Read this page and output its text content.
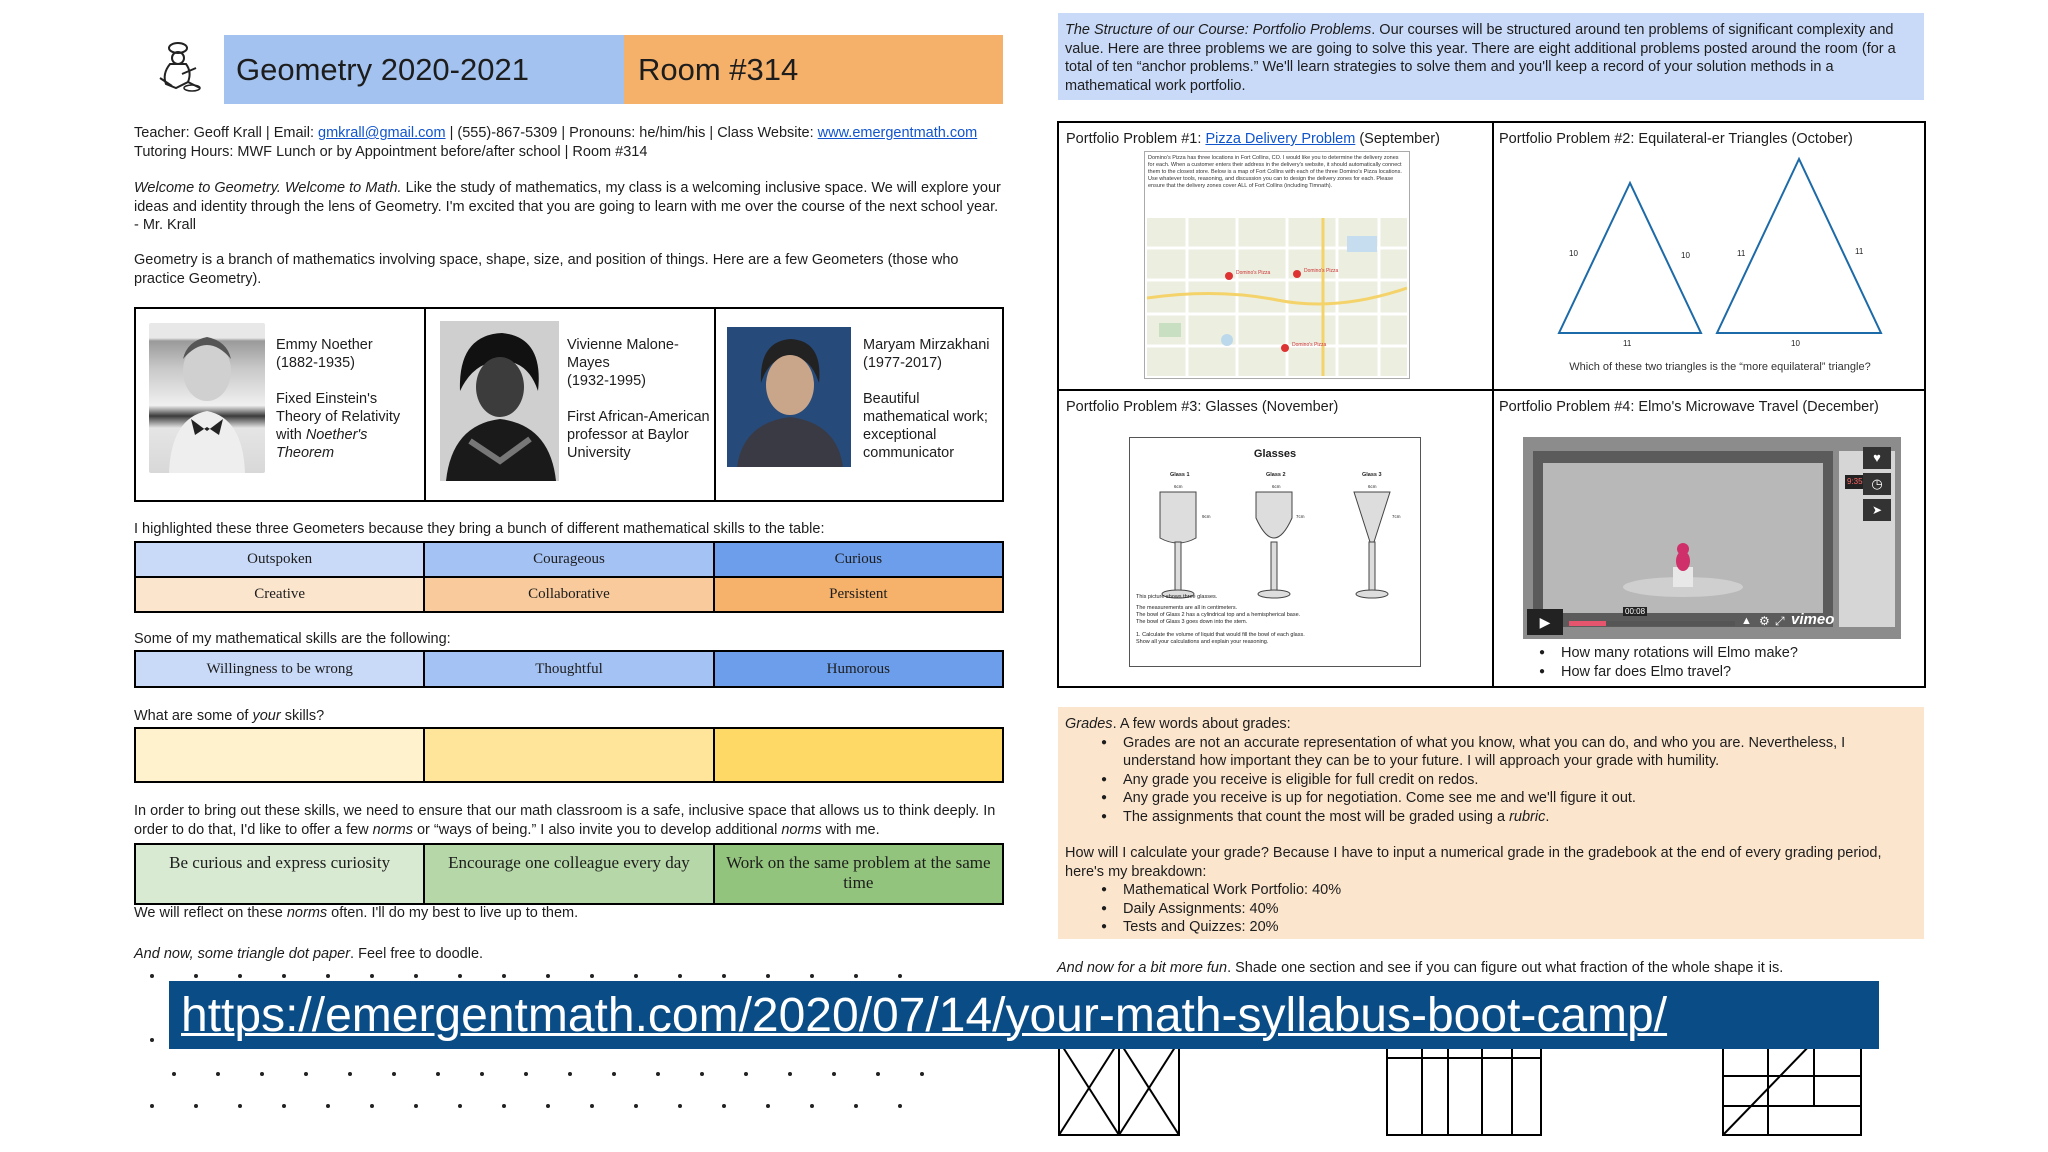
Geometry 2020-2021	Room #314
Teacher: Geoff Krall | Email: gmkrall@gmail.com | (555)-867-5309 | Pronouns: he/him/his | Class Website: www.emergentmath.com
Tutoring Hours: MWF Lunch or by Appointment before/after school | Room #314
Welcome to Geometry. Welcome to Math. Like the study of mathematics, my class is a welcoming inclusive space. We will explore your ideas and identity through the lens of Geometry. I'm excited that you are going to learn with me over the course of the next school year. - Mr. Krall
Geometry is a branch of mathematics involving space, shape, size, and position of things. Here are a few Geometers (those who practice Geometry).
Emmy Noether
(1882-1935)
Fixed Einstein's Theory of Relativity with Noether's Theorem
Vivienne Malone-Mayes
(1932-1995)
First African-American professor at Baylor University
Maryam Mirzakhani
(1977-2017)
Beautiful mathematical work; exceptional communicator
I highlighted these three Geometers because they bring a bunch of different mathematical skills to the table:
Outspoken	Courageous	Curious
Creative	Collaborative	Persistent
Some of my mathematical skills are the following:
Willingness to be wrong	Thoughtful	Humorous
What are some of your skills?

In order to bring out these skills, we need to ensure that our math classroom is a safe, inclusive space that allows us to think deeply. In order to do that, I'd like to offer a few norms or “ways of being.” I also invite you to develop additional norms with me.
Be curious and express curiosity	Encourage one colleague every day	Work on the same problem at the same time
We will reflect on these norms often. I'll do my best to live up to them.
And now, some triangle dot paper. Feel free to doodle.
The Structure of our Course: Portfolio Problems. Our courses will be structured around ten problems of significant complexity and value. Here are three problems we are going to solve this year. There are eight additional problems posted around the room (for a total of ten “anchor problems.” We'll learn strategies to solve them and you'll keep a record of your solution methods in a mathematical work portfolio.
Portfolio Problem #1: Pizza Delivery Problem (September)
Domino's Pizza has three locations in Fort Collins, CO. I would like you to determine the delivery zones for each. When a customer enters their address in the delivery's website, it should automatically connect them to the closest store. Below is a map of Fort Collins with each of the three Domino's Pizza locations. Use whatever tools, reasoning, and discussion you can to design the delivery zones for each. Please ensure that the delivery zones cover ALL of Fort Collins (including Timnath).
Domino's Pizza	Domino's Pizza
Domino's Pizza
Portfolio Problem #2: Equilateral-er Triangles (October)
10	10
11
11	11
10
Which of these two triangles is the “more equilateral” triangle?
Portfolio Problem #3: Glasses (November)
Glasses
Glass 1	Glass 2	Glass 3
6cm	6cm	6cm
9cm	7cm	7cm
This picture shows three glasses.
The measurements are all in centimeters.
The bowl of Glass 2 has a cylindrical top and a hemispherical base.
The bowl of Glass 3 goes down into the stem.
1. Calculate the volume of liquid that would fill the bowl of each glass.
Show all your calculations and explain your reasoning.
Portfolio Problem #4: Elmo's Microwave Travel (December)
9:35
♥
◷
➤
▶
00:08
▲ ⚙ ⤢ vimeo
● How many rotations will Elmo make?
● How far does Elmo travel?
Grades. A few words about grades:
● Grades are not an accurate representation of what you know, what you can do, and who you are. Nevertheless, I understand how important they can be to your future. I will approach your grade with humility.
● Any grade you receive is eligible for full credit on redos.
● Any grade you receive is up for negotiation. Come see me and we'll figure it out.
● The assignments that count the most will be graded using a rubric.
How will I calculate your grade? Because I have to input a numerical grade in the gradebook at the end of every grading period, here's my breakdown:
● Mathematical Work Portfolio: 40%
● Daily Assignments: 40%
● Tests and Quizzes: 20%
And now for a bit more fun. Shade one section and see if you can figure out what fraction of the whole shape it is.
https://emergentmath.com/2020/07/14/your-math-syllabus-boot-camp/
